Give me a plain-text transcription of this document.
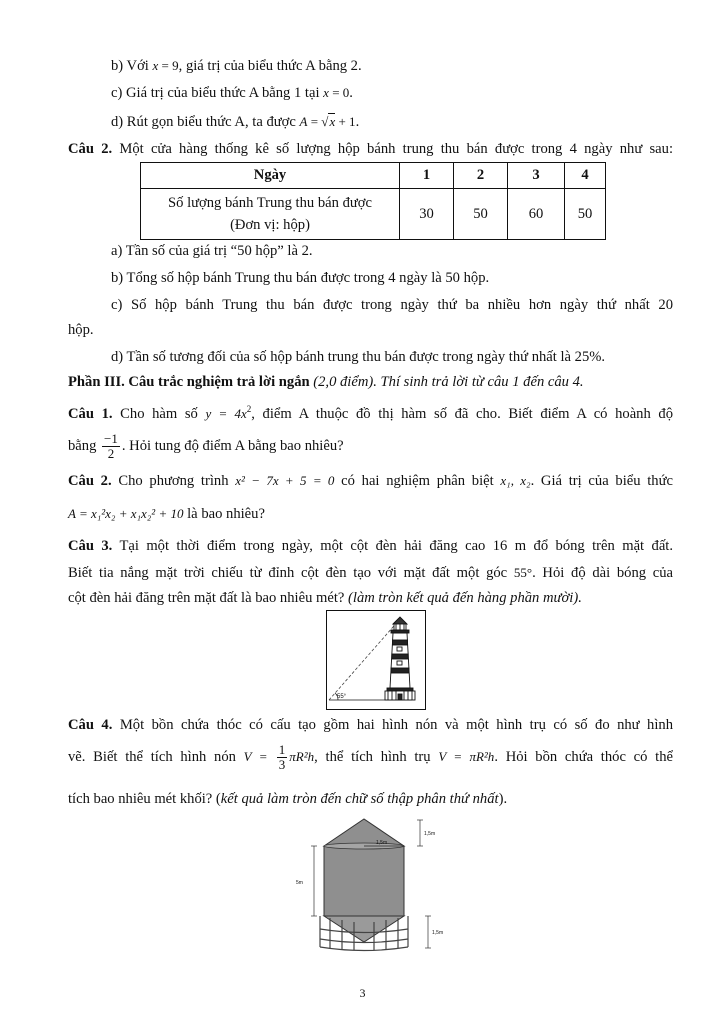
b) Với x = 9, giá trị của biểu thức A bằng 2.
c) Giá trị của biểu thức A bằng 1 tại x = 0.
d) Rút gọn biểu thức A, ta được A = √x + 1.
Câu 2. Một cửa hàng thống kê số lượng hộp bánh trung thu bán được trong 4 ngày như sau:
Ngày	1	2	3	4
Số lượng bánh Trung thu bán được
(Đơn vị: hộp)	30	50	60	50
a) Tần số của giá trị “50 hộp” là 2.
b) Tổng số hộp bánh Trung thu bán được trong 4 ngày là 50 hộp.
c) Số hộp bánh Trung thu bán được trong ngày thứ ba nhiều hơn ngày thứ nhất 20
hộp.
d) Tần số tương đối của số hộp bánh trung thu bán được trong ngày thứ nhất là 25%.
Phần III. Câu trắc nghiệm trả lời ngắn (2,0 điểm). Thí sinh trả lời từ câu 1 đến câu 4.
Câu 1. Cho hàm số $y = 4x^2$, điểm A thuộc đồ thị hàm số đã cho. Biết điểm A có hoành độ
bằng $\frac{-1}{2}$ . Hỏi tung độ điểm A bằng bao nhiêu?
Câu 2. Cho phương trình x² − 7x + 5 = 0 có hai nghiệm phân biệt x₁, x₂. Giá trị của biểu thức
A = x₁²x₂ + x₁x₂² + 10 là bao nhiêu?
Câu 3. Tại một thời điểm trong ngày, một cột đèn hải đăng cao 16 m đổ bóng trên mặt đất.
Biết tia nắng mặt trời chiếu từ đỉnh cột đèn tạo với mặt đất một góc 55°. Hỏi độ dài bóng của
cột đèn hải đăng trên mặt đất là bao nhiêu mét? (làm tròn kết quả đến hàng phần mười).
55°
Câu 4. Một bồn chứa thóc có cấu tạo gồm hai hình nón và một hình trụ có số đo như hình
vẽ. Biết thể tích hình nón $V = \frac{1}{3} \pi R^2h$, thể tích hình trụ V = πR²h. Hỏi bồn chứa thóc có thể
tích bao nhiêu mét khối? (kết quả làm tròn đến chữ số thập phân thứ nhất).
1,5m
1,5m
5m
1,5m
3
